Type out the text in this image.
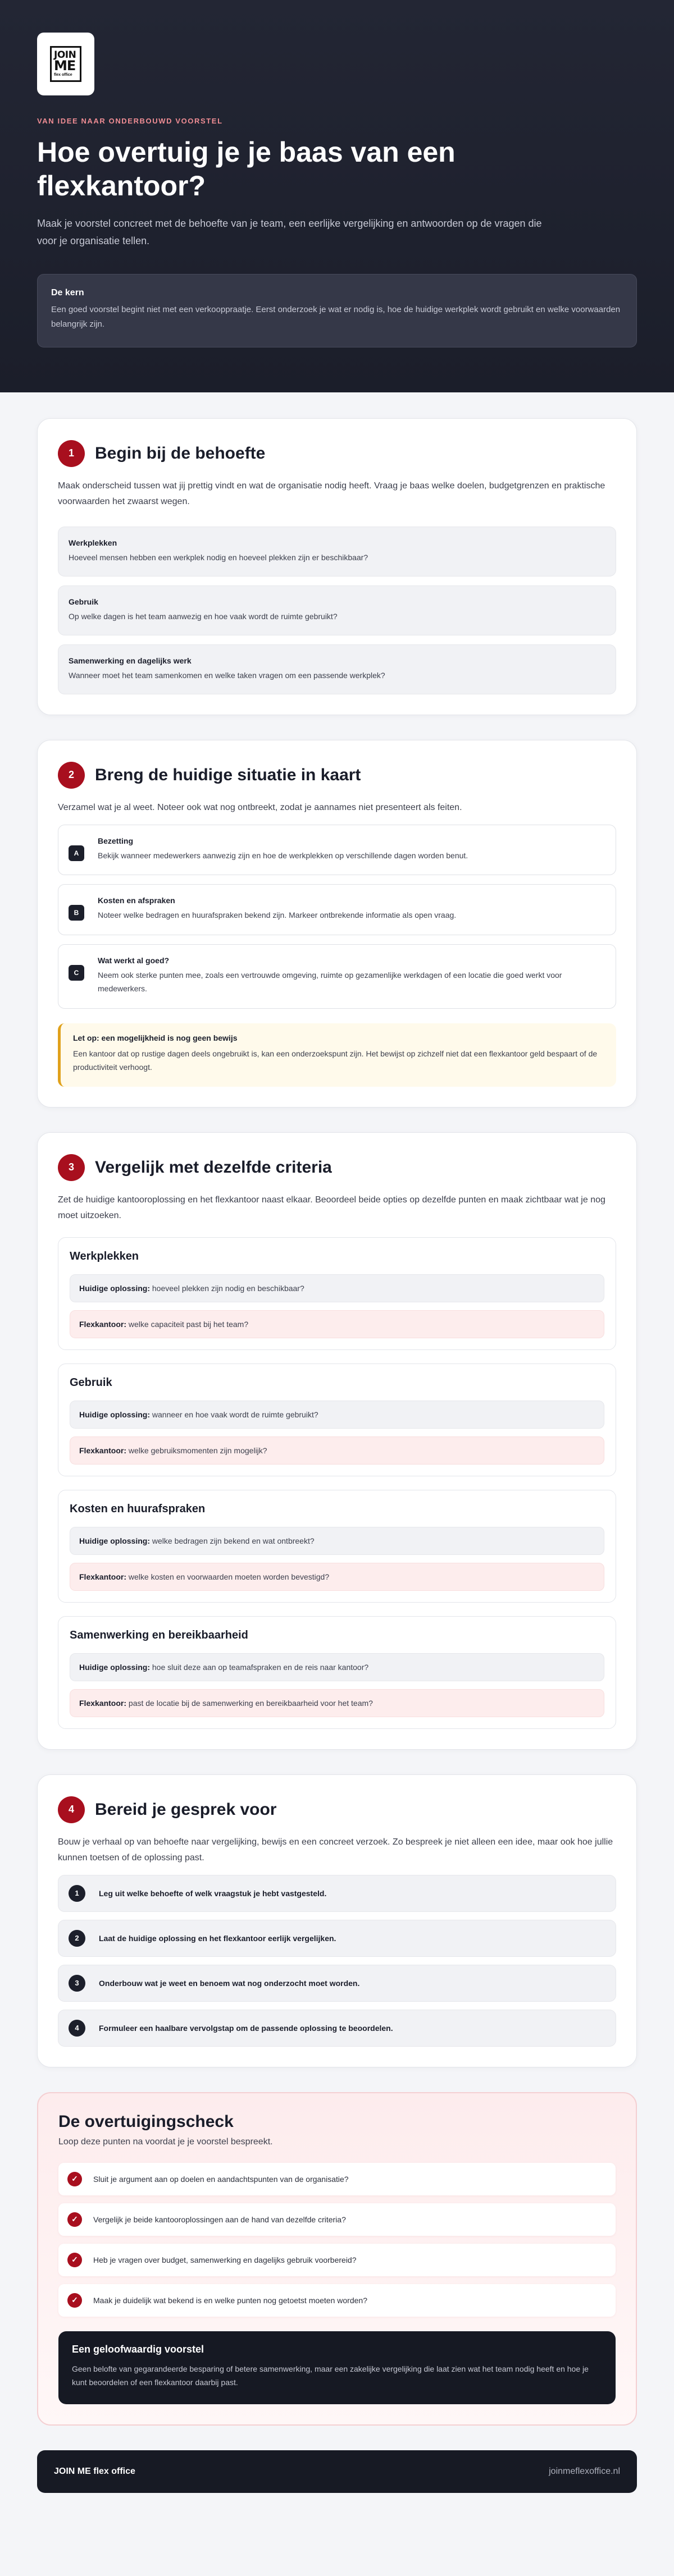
JOIN
ME
flex office
VAN IDEE NAAR ONDERBOUWD VOORSTEL
Hoe overtuig je je baas van een flexkantoor?

Maak je voorstel concreet met de behoefte van je team, een eerlijke vergelijking en antwoorden op de vragen die voor je organisatie tellen.

De kern
Een goed voorstel begint niet met een verkooppraatje. Eerst onderzoek je wat er nodig is, hoe de huidige werkplek wordt gebruikt en welke voorwaarden belangrijk zijn.
1	Begin bij de behoefte

Maak onderscheid tussen wat jij prettig vindt en wat de organisatie nodig heeft. Vraag je baas welke doelen, budgetgrenzen en praktische voorwaarden het zwaarst wegen.

Werkplekken
Hoeveel mensen hebben een werkplek nodig en hoeveel plekken zijn er beschikbaar?
Gebruik
Op welke dagen is het team aanwezig en hoe vaak wordt de ruimte gebruikt?
Samenwerking en dagelijks werk
Wanneer moet het team samenkomen en welke taken vragen om een passende werkplek?
2	Breng de huidige situatie in kaart

Verzamel wat je al weet. Noteer ook wat nog ontbreekt, zodat je aannames niet presenteert als feiten.

A
Bezetting
Bekijk wanneer medewerkers aanwezig zijn en hoe de werkplekken op verschillende dagen worden benut.
B
Kosten en afspraken
Noteer welke bedragen en huurafspraken bekend zijn. Markeer ontbrekende informatie als open vraag.
C
Wat werkt al goed?
Neem ook sterke punten mee, zoals een vertrouwde omgeving, ruimte op gezamenlijke werkdagen of een locatie die goed werkt voor medewerkers.
Let op: een mogelijkheid is nog geen bewijs
Een kantoor dat op rustige dagen deels ongebruikt is, kan een onderzoekspunt zijn. Het bewijst op zichzelf niet dat een flexkantoor geld bespaart of de productiviteit verhoogt.
3	Vergelijk met dezelfde criteria

Zet de huidige kantooroplossing en het flexkantoor naast elkaar. Beoordeel beide opties op dezelfde punten en maak zichtbaar wat je nog moet uitzoeken.

Werkplekken
Huidige oplossing: hoeveel plekken zijn nodig en beschikbaar?
Flexkantoor: welke capaciteit past bij het team?
Gebruik
Huidige oplossing: wanneer en hoe vaak wordt de ruimte gebruikt?
Flexkantoor: welke gebruiksmomenten zijn mogelijk?
Kosten en huurafspraken
Huidige oplossing: welke bedragen zijn bekend en wat ontbreekt?
Flexkantoor: welke kosten en voorwaarden moeten worden bevestigd?
Samenwerking en bereikbaarheid
Huidige oplossing: hoe sluit deze aan op teamafspraken en de reis naar kantoor?
Flexkantoor: past de locatie bij de samenwerking en bereikbaarheid voor het team?
4	Bereid je gesprek voor

Bouw je verhaal op van behoefte naar vergelijking, bewijs en een concreet verzoek. Zo bespreek je niet alleen een idee, maar ook hoe jullie kunnen toetsen of de oplossing past.

1	Leg uit welke behoefte of welk vraagstuk je hebt vastgesteld.
2	Laat de huidige oplossing en het flexkantoor eerlijk vergelijken.
3	Onderbouw wat je weet en benoem wat nog onderzocht moet worden.
4	Formuleer een haalbare vervolgstap om de passende oplossing te beoordelen.
De overtuigingscheck

Loop deze punten na voordat je je voorstel bespreekt.

✓	Sluit je argument aan op doelen en aandachtspunten van de organisatie?
✓	Vergelijk je beide kantooroplossingen aan de hand van dezelfde criteria?
✓	Heb je vragen over budget, samenwerking en dagelijks gebruik voorbereid?
✓	Maak je duidelijk wat bekend is en welke punten nog getoetst moeten worden?
Een geloofwaardig voorstel
Geen belofte van gegarandeerde besparing of betere samenwerking, maar een zakelijke vergelijking die laat zien wat het team nodig heeft en hoe je kunt beoordelen of een flexkantoor daarbij past.
JOIN ME flex office	joinmeflexoffice.nl
